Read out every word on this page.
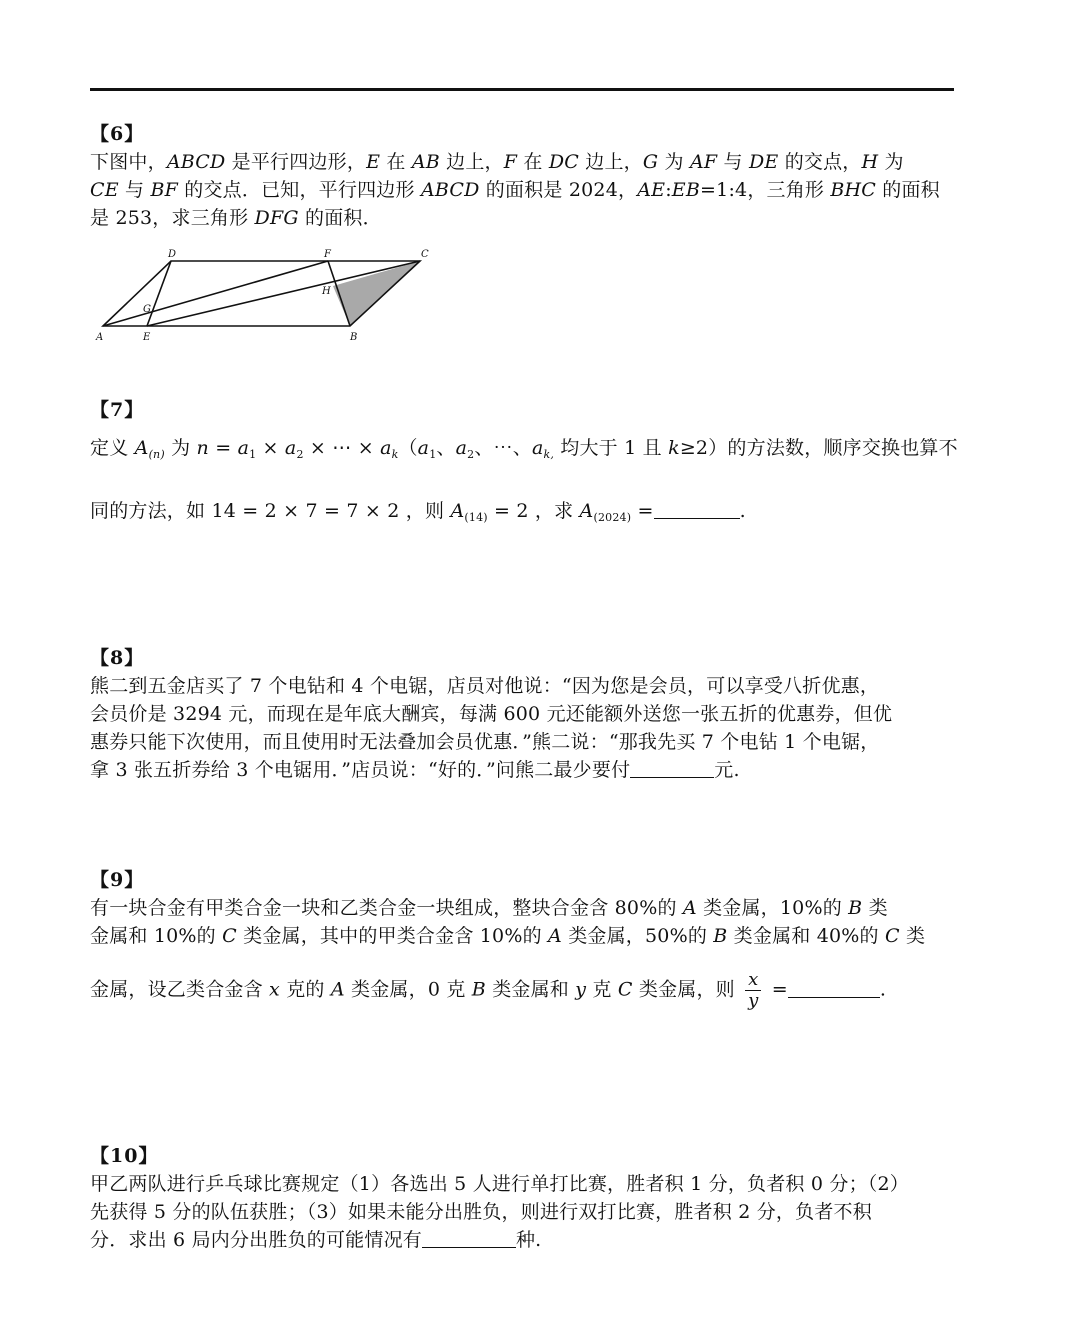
【6】
下图中，ABCD 是平行四边形，E 在 AB 边上，F 在 DC 边上，G 为 AF 与 DE 的交点，H 为
CE 与 BF 的交点．已知，平行四边形 ABCD 的面积是 2024，AE:EB=1:4，三角形 BHC 的面积
是 253，求三角形 DFG 的面积．
A	E	B
D	F	C
G
H
【7】
定义 $A_{(n)}$ 为 $n = a_1 \times a_2$ × ⋯ × $a_k(a_1$、$a_2$、⋯、$a_{k,}$ 均大于 1 且 k≥2）的方法数，顺序交换也算不
同的方法，如 14 = 2 × 7 = 7 × 2 ，则 $A_{(14)} = 2$ ，求 $A_{(2024)}$ =	.
【8】
熊二到五金店买了 7 个电钻和 4 个电锯，店员对他说：“因为您是会员，可以享受八折优惠，
会员价是 3294 元，而现在是年底大酬宾，每满 600 元还能额外送您一张五折的优惠券，但优
惠券只能下次使用，而且使用时无法叠加会员优惠．”熊二说：“那我先买 7 个电钻 1 个电锯，
拿 3 张五折券给 3 个电锯用．”店员说：“好的．”问熊二最少要付	元.
【9】
有一块合金有甲类合金一块和乙类合金一块组成，整块合金含 80%的 A 类金属，10%的 B 类
金属和 10%的 C 类金属，其中的甲类合金含 10%的 A 类金属，50%的 B 类金属和 40%的 C 类
金属，设乙类合金含 x 克的 A 类金属，0 克 B 类金属和 y 克 C 类金属，则 $\frac{x}{y}$ =	.
【10】
甲乙两队进行乒乓球比赛规定（1）各选出 5 人进行单打比赛，胜者积 1 分，负者积 0 分；（2）
先获得 5 分的队伍获胜；（3）如果未能分出胜负，则进行双打比赛，胜者积 2 分，负者不积
分．求出 6 局内分出胜负的可能情况有	种.
